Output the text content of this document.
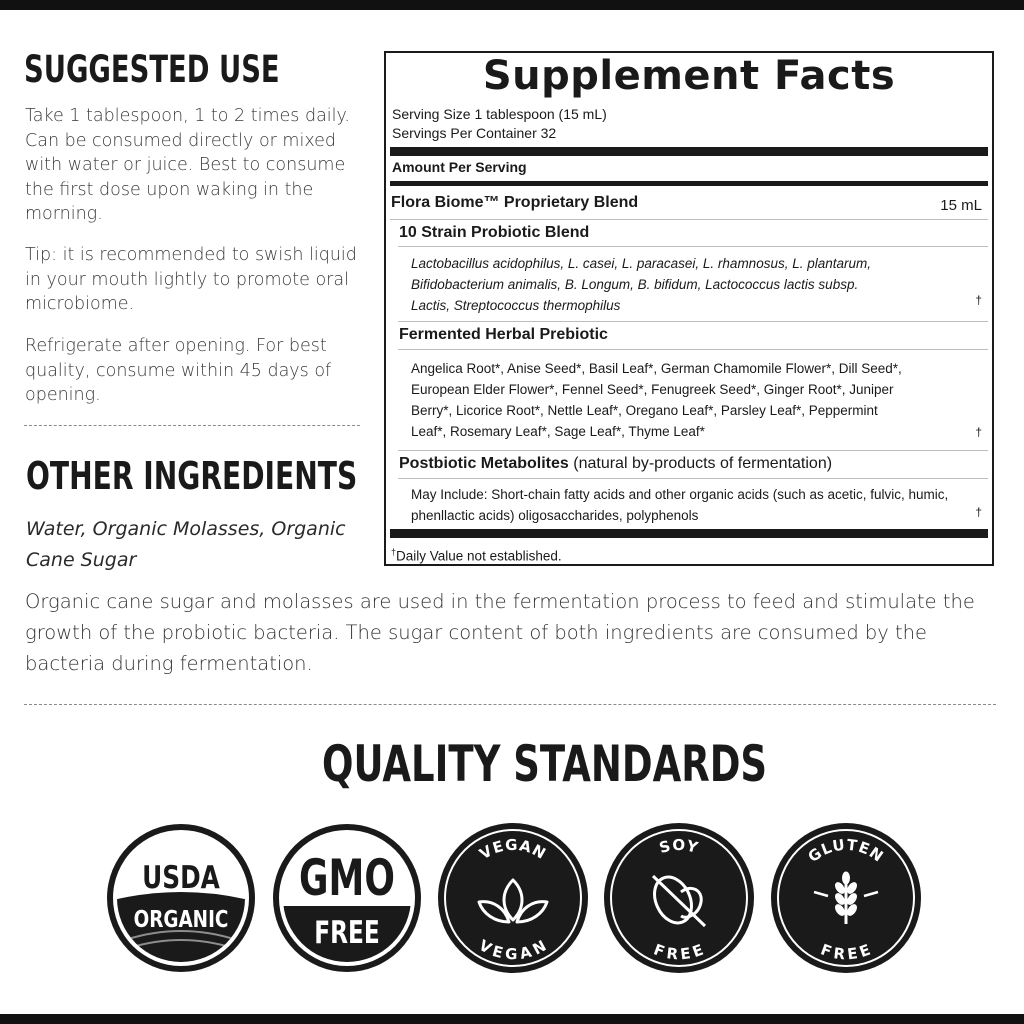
SUGGESTED USE
Take 1 tablespoon, 1 to 2 times daily. Can be consumed directly or mixed with water or juice. Best to consume the first dose upon waking in the morning.
Tip: it is recommended to swish liquid in your mouth lightly to promote oral microbiome.
Refrigerate after opening. For best quality, consume within 45 days of opening.
OTHER INGREDIENTS
Water, Organic Molasses, Organic Cane Sugar
Organic cane sugar and molasses are used in the fermentation process to feed and stimulate the growth of the probiotic bacteria. The sugar content of both ingredients are consumed by the bacteria during fermentation.
Supplement Facts
Serving Size 1 tablespoon (15 mL)
Servings Per Container 32
Amount Per Serving
Flora Biome™ Proprietary Blend	15 mL
10 Strain Probiotic Blend
Lactobacillus acidophilus, L. casei, L. paracasei, L. rhamnosus, L. plantarum, Bifidobacterium animalis, B. Longum, B. bifidum, Lactococcus lactis subsp. Lactis, Streptococcus thermophilus	†
Fermented Herbal Prebiotic
Angelica Root*, Anise Seed*, Basil Leaf*, German Chamomile Flower*, Dill Seed*, European Elder Flower*, Fennel Seed*, Fenugreek Seed*, Ginger Root*, Juniper Berry*, Licorice Root*, Nettle Leaf*, Oregano Leaf*, Parsley Leaf*, Peppermint Leaf*, Rosemary Leaf*, Sage Leaf*, Thyme Leaf*	†
Postbiotic Metabolites (natural by-products of fermentation)
May Include: Short-chain fatty acids and other organic acids (such as acetic, fulvic, humic, phenllactic acids) oligosaccharides, polyphenols	†
†Daily Value not established.
QUALITY STANDARDS
USDA
ORGANIC
GMO
FREE
VEGAN
VEGAN
SOY
FREE
GLUTEN
FREE
